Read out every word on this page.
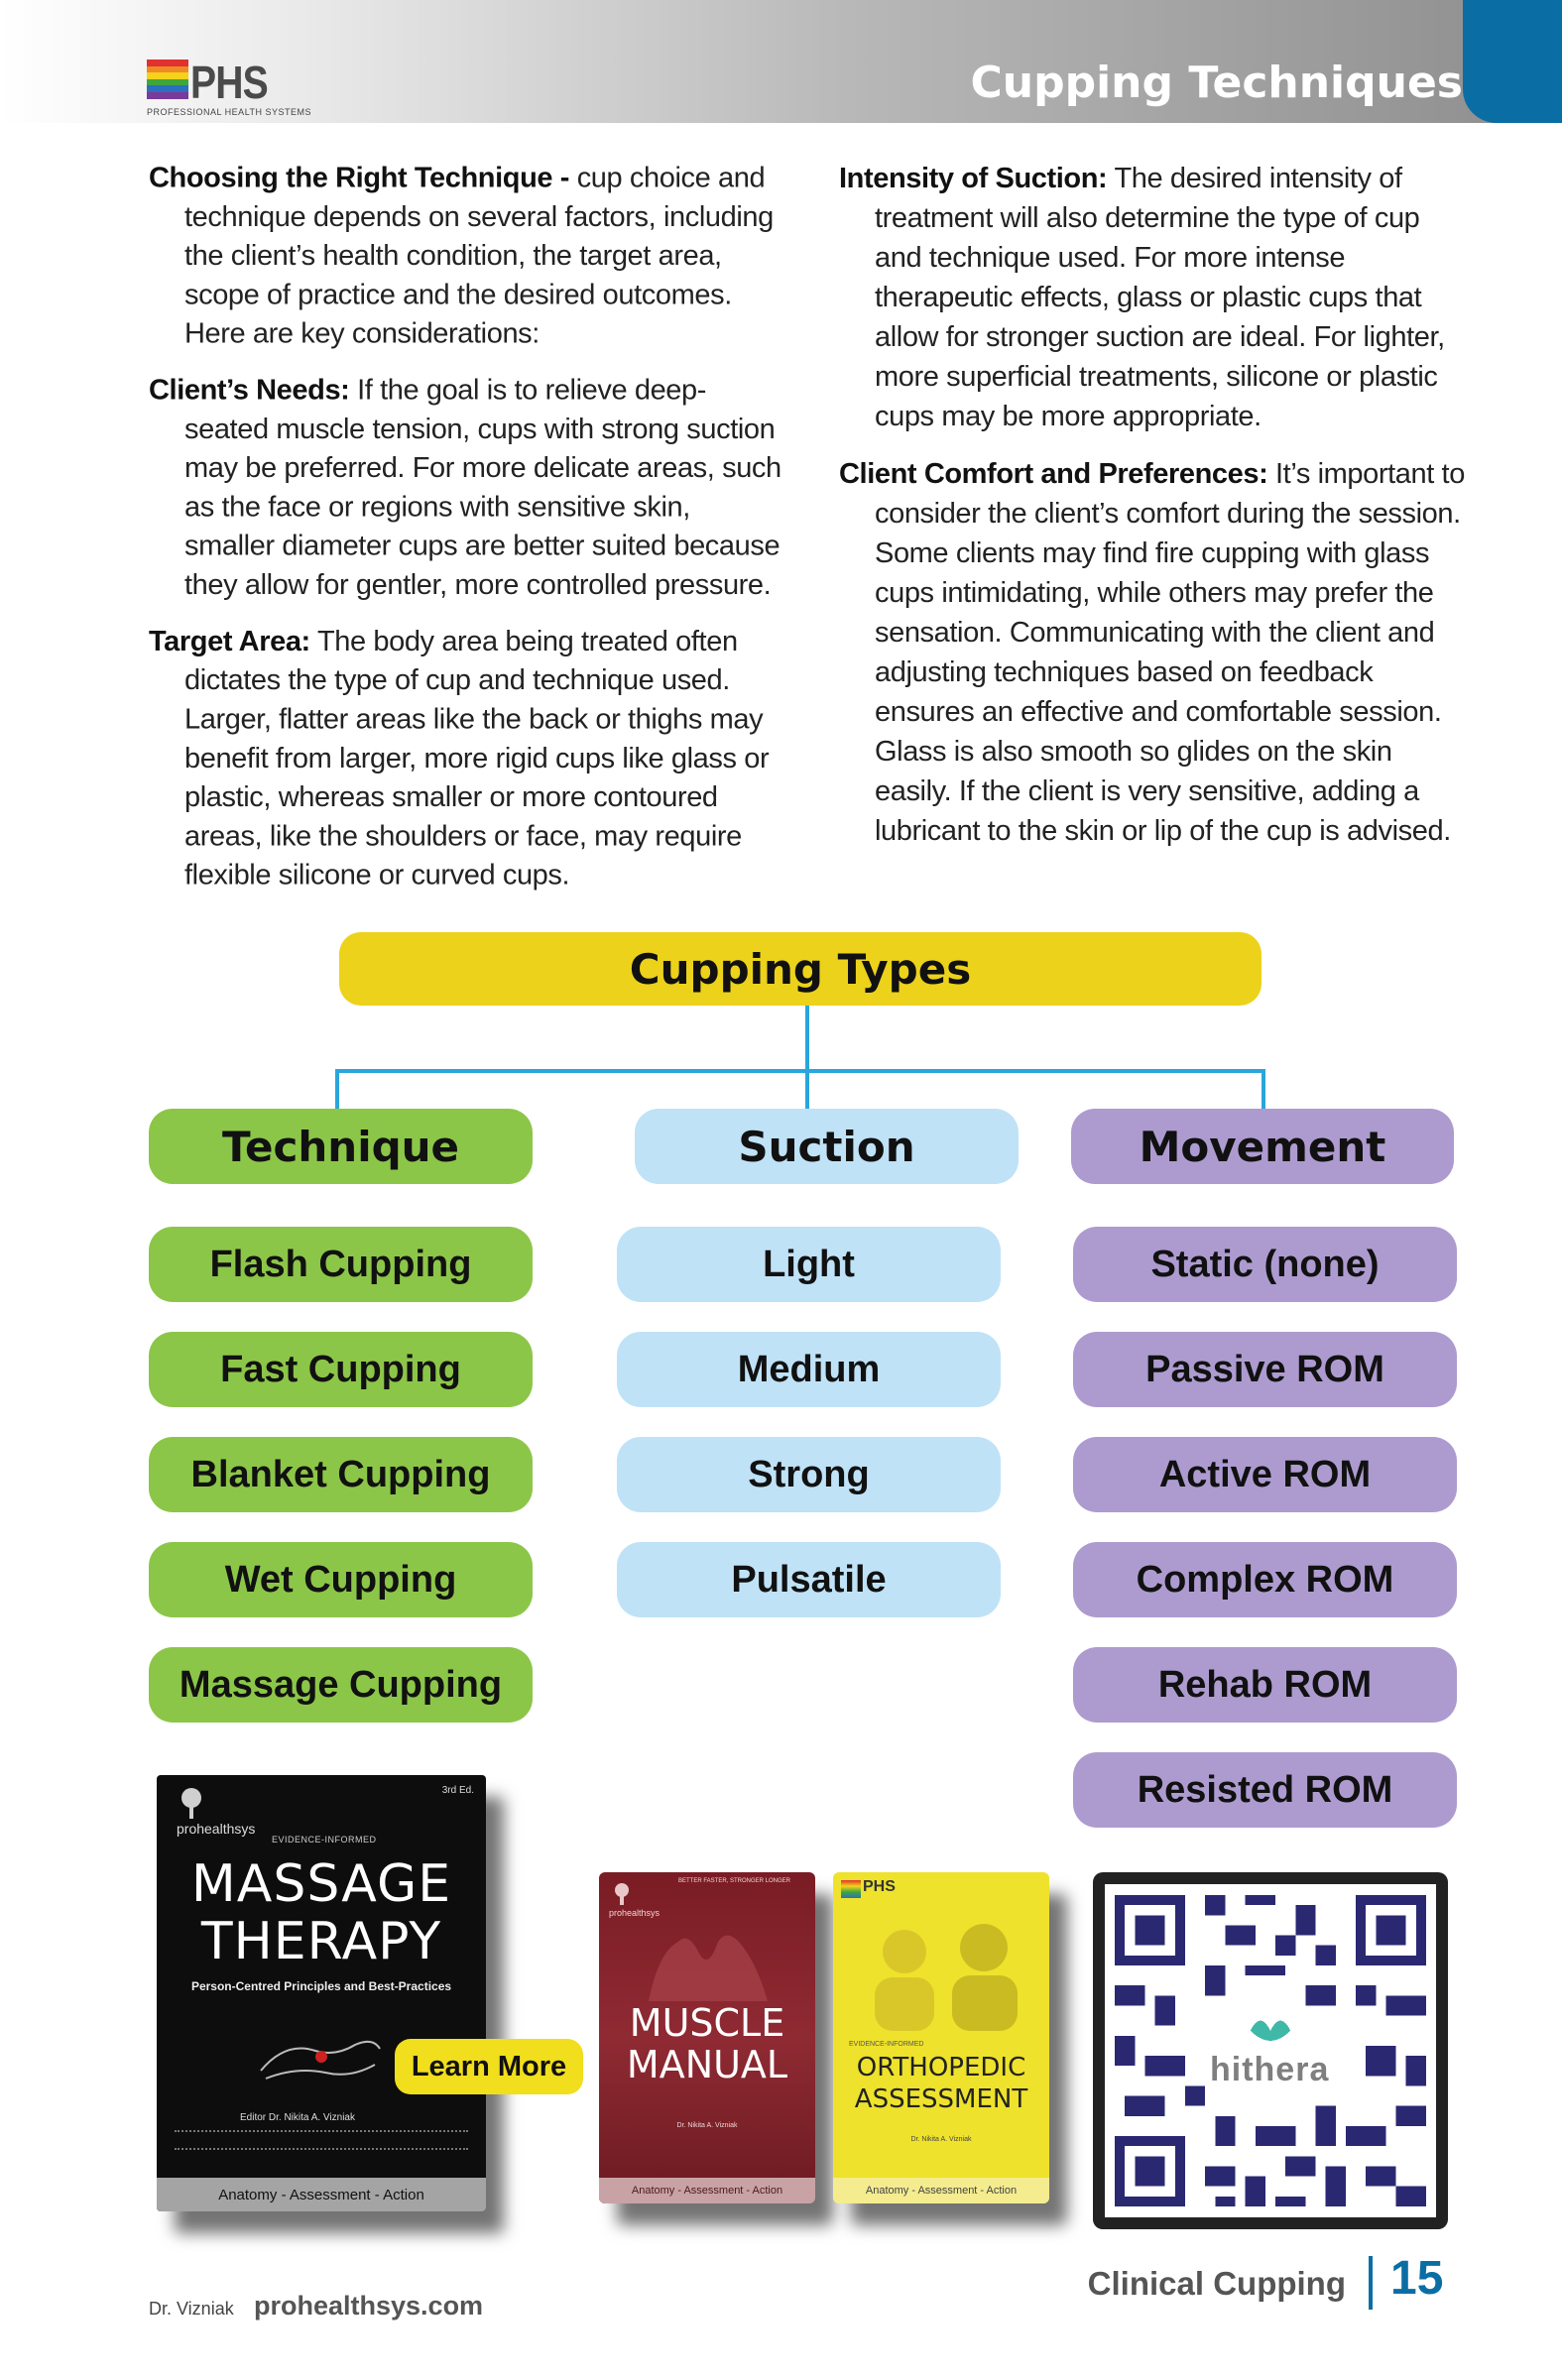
PHS
PROFESSIONAL HEALTH SYSTEMS
Cupping Techniques

Choosing the Right Technique - cup choice and technique depends on several factors, including the client’s health condition, the target area, scope of practice and the desired outcomes. Here are key considerations:

Client’s Needs: If the goal is to relieve deep-seated muscle tension, cups with strong suction may be preferred. For more delicate areas, such as the face or regions with sensitive skin, smaller diameter cups are better suited because they allow for gentler, more controlled pressure.

Target Area: The body area being treated often dictates the type of cup and technique used. Larger, flatter areas like the back or thighs may benefit from larger, more rigid cups like glass or plastic, whereas smaller or more contoured areas, like the shoulders or face, may require flexible silicone or curved cups.

Intensity of Suction: The desired intensity of treatment will also determine the type of cup and technique used. For more intense therapeutic effects, glass or plastic cups that allow for stronger suction are ideal. For lighter, more superficial treatments, silicone or plastic cups may be more appropriate.

Client Comfort and Preferences: It’s important to consider the client’s comfort during the session. Some clients may find fire cupping with glass cups intimidating, while others may prefer the sensation. Communicating with the client and adjusting techniques based on feedback ensures an effective and comfortable session. Glass is also smooth so glides on the skin easily. If the client is very sensitive, adding a lubricant to the skin or lip of the cup is advised.

Cupping Types
Technique	Suction	Movement
Flash Cupping
Fast Cupping
Blanket Cupping
Wet Cupping
Massage Cupping
Light
Medium
Strong
Pulsatile
Static (none)
Passive ROM
Active ROM
Complex ROM
Rehab ROM
Resisted ROM
prohealthsys
3rd Ed.
EVIDENCE-INFORMED
MASSAGE
THERAPY
Person-Centred Principles and Best-Practices
Editor Dr. Nikita A. Vizniak
Anatomy - Assessment - Action
Learn More
prohealthsys
BETTER FASTER, STRONGER LONGER
MUSCLE
MANUAL
Dr. Nikita A. Vizniak
Anatomy - Assessment - Action
PHS
EVIDENCE-INFORMED
ORTHOPEDIC
ASSESSMENT
Dr. Nikita A. Vizniak
Anatomy - Assessment - Action
hithera
Dr. Vizniak prohealthsys.com
Clinical Cupping 15
